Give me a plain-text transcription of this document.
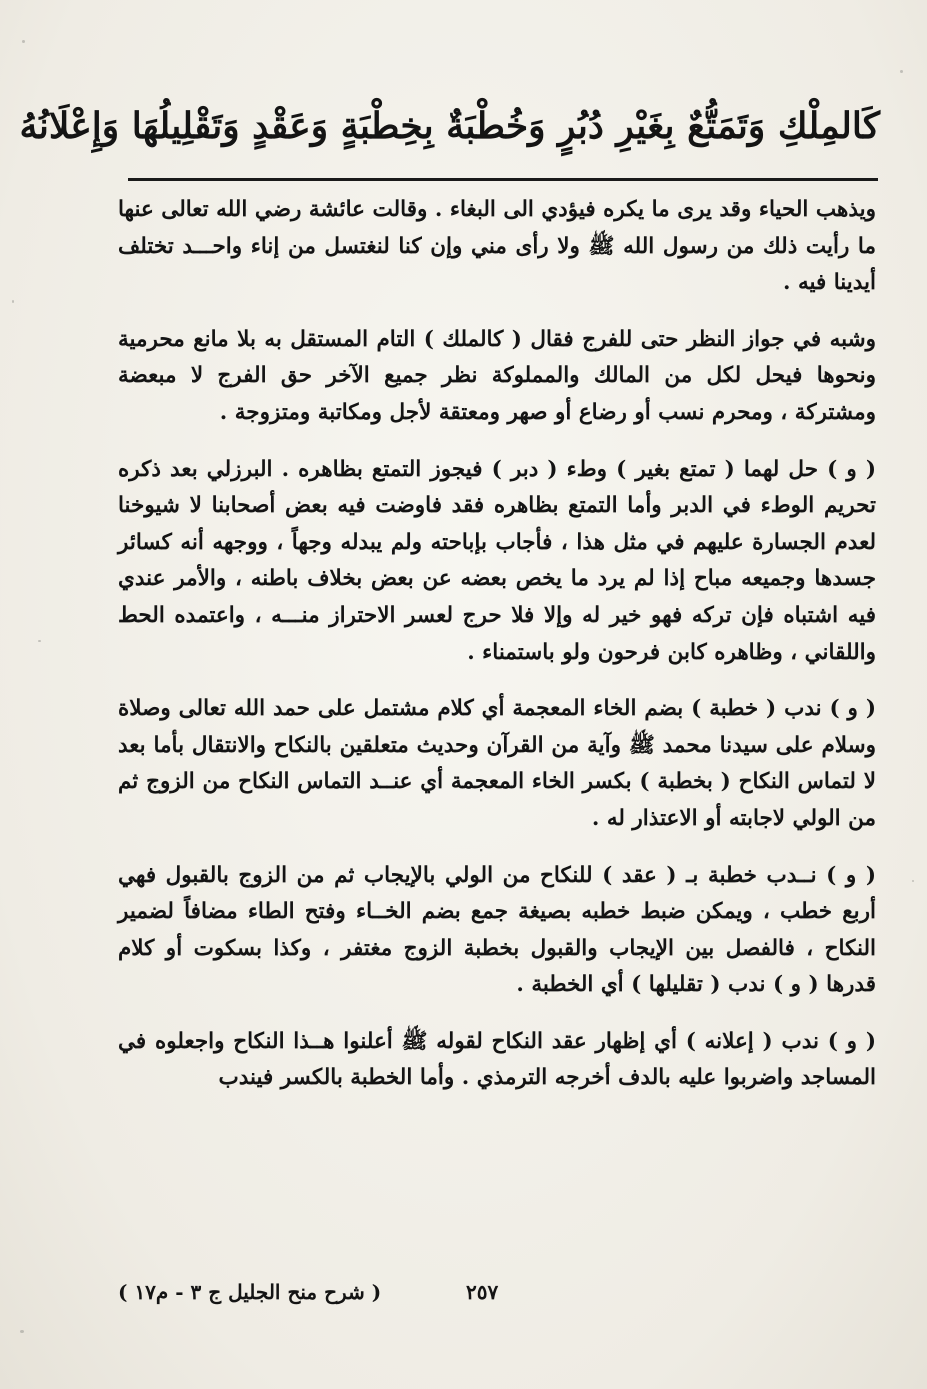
كَالمِلْكِ وَتَمَتُّعٌ بِغَيْرِ دُبُرٍ وَخُطْبَةٌ بِخِطْبَةٍ وَعَقْدٍ وَتَقْلِيلُهَا وَإِعْلَانُهُ

ويذهب الحياء وقد يرى ما يكره فيؤدي الى البغاء . وقالت عائشة رضي الله تعالى عنها ما رأيت ذلك من رسول الله ﷺ ولا رأى مني وإن كنا لنغتسل من إناء واحـــد تختلف أيدينا فيه .

وشبه في جواز النظر حتى للفرج فقال ( كالملك ) التام المستقل به بلا مانع محرمية ونحوها فيحل لكل من المالك والمملوكة نظر جميع الآخر حق الفرج لا مبعضة ومشتركة ، ومحرم نسب أو رضاع أو صهر ومعتقة لأجل ومكاتبة ومتزوجة .

( و ) حل لهما ( تمتع بغير ) وطء ( دبر ) فيجوز التمتع بظاهره . البرزلي بعد ذكره تحريم الوطء في الدبر وأما التمتع بظاهره فقد فاوضت فيه بعض أصحابنا لا شيوخنا لعدم الجسارة عليهم في مثل هذا ، فأجاب بإباحته ولم يبدله وجهاً ، ووجهه أنه كسائر جسدها وجميعه مباح إذا لم يرد ما يخص بعضه عن بعض بخلاف باطنه ، والأمر عندي فيه اشتباه فإن تركه فهو خير له وإلا فلا حرج لعسر الاحتراز منـــه ، واعتمده الحط واللقاني ، وظاهره كابن فرحون ولو باستمناء .

( و ) ندب ( خطبة ) بضم الخاء المعجمة أي كلام مشتمل على حمد الله تعالى وصلاة وسلام على سيدنا محمد ﷺ وآية من القرآن وحديث متعلقين بالنكاح والانتقال بأما بعد لا لتماس النكاح ( بخطبة ) بكسر الخاء المعجمة أي عنــد التماس النكاح من الزوج ثم من الولي لاجابته أو الاعتذار له .

( و ) نــدب خطبة بـ ( عقد ) للنكاح من الولي بالإيجاب ثم من الزوج بالقبول فهي أربع خطب ، ويمكن ضبط خطبه بصيغة جمع بضم الخــاء وفتح الطاء مضافاً لضمير النكاح ، فالفصل بين الإيجاب والقبول بخطبة الزوج مغتفر ، وكذا بسكوت أو كلام قدرها ( و ) ندب ( تقليلها ) أي الخطبة .

( و ) ندب ( إعلانه ) أي إظهار عقد النكاح لقوله ﷺ أعلنوا هــذا النكاح واجعلوه في المساجد واضربوا عليه بالدف أخرجه الترمذي . وأما الخطبة بالكسر فيندب

( شرح منح الجليل ج ٣ - م١٧ )	٢٥٧
